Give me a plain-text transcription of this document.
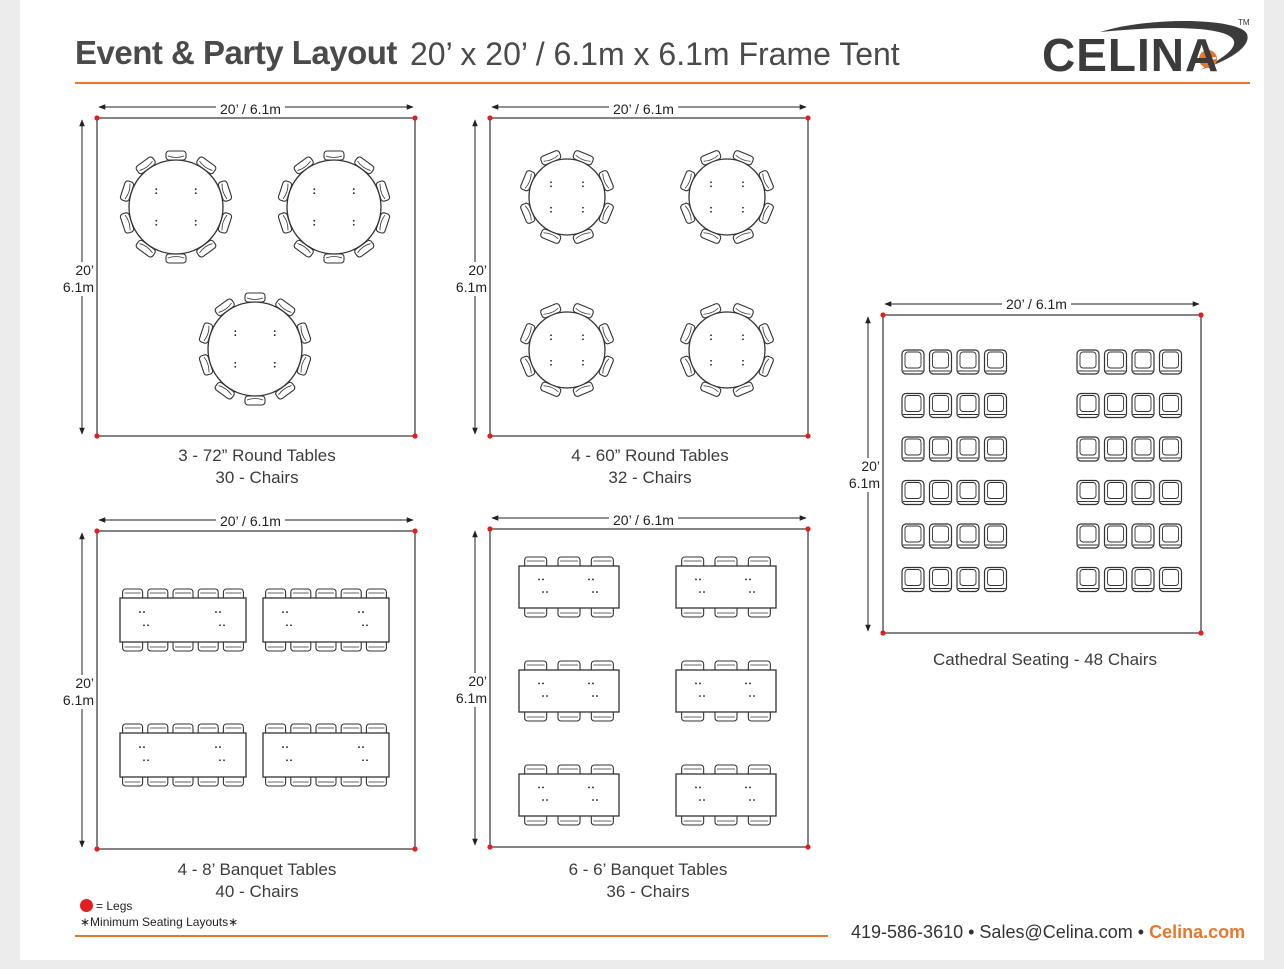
Event & Party Layout 20’ x 20’ / 6.1m x 6.1m Frame Tent	CELINA
TM
20’ / 6.1m	20’ / 6.1m
20’ / 6.1m	20’ / 6.1m
20’ / 6.1m
20’
6.1m
20’
6.1m
20’
6.1m
20’
6.1m
20’
6.1m
3 - 72” Round Tables
30 - Chairs
4 - 60” Round Tables
32 - Chairs
4 - 8’ Banquet Tables
40 - Chairs
6 - 6’ Banquet Tables
36 - Chairs
Cathedral Seating - 48 Chairs
= Legs
∗Minimum Seating Layouts∗	419-586-3610 • Sales@Celina.com • Celina.com
